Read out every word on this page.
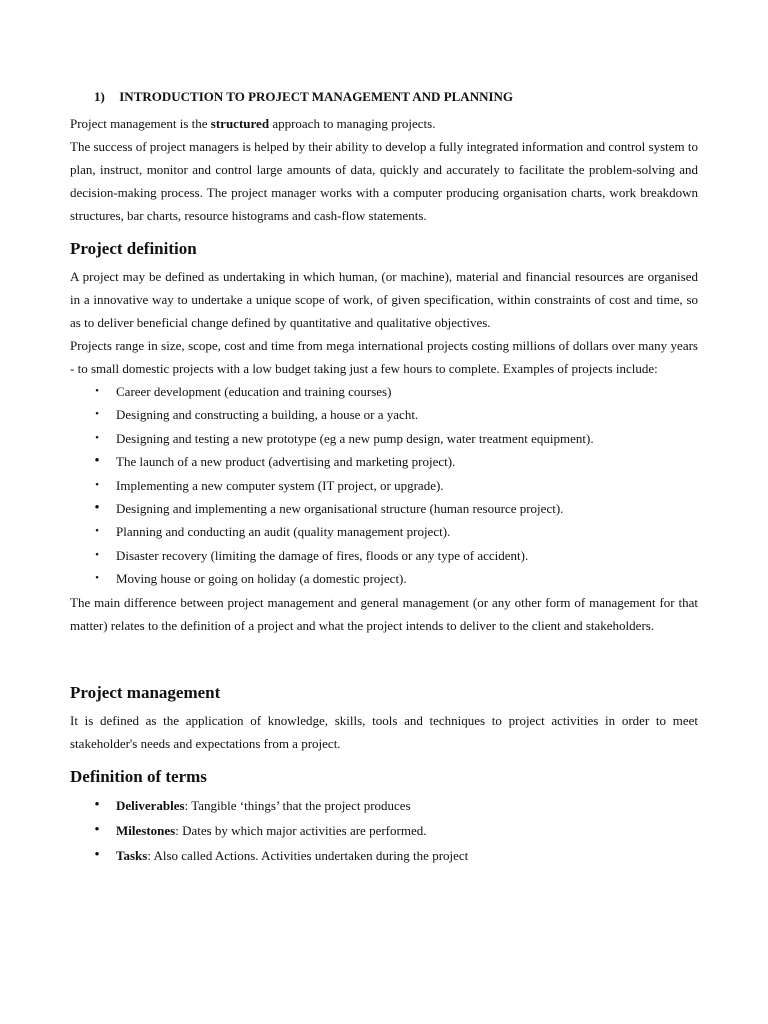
1) INTRODUCTION TO PROJECT MANAGEMENT AND PLANNING

Project management is the structured approach to managing projects.

The success of project managers is helped by their ability to develop a fully integrated information and control system to plan, instruct, monitor and control large amounts of data, quickly and accurately to facilitate the problem-solving and decision-making process. The project manager works with a computer producing organisation charts, work breakdown structures, bar charts, resource histograms and cash-flow statements.

Project definition

A project may be defined as undertaking in which human, (or machine), material and financial resources are organised in a innovative way to undertake a unique scope of work, of given specification, within constraints of cost and time, so as to deliver beneficial change defined by quantitative and qualitative objectives.

Projects range in size, scope, cost and time from mega international projects costing millions of dollars over many years - to small domestic projects with a low budget taking just a few hours to complete. Examples of projects include:

• Career development (education and training courses)
• Designing and constructing a building, a house or a yacht.
• Designing and testing a new prototype (eg a new pump design, water treatment equipment).
• The launch of a new product (advertising and marketing project).
• Implementing a new computer system (IT project, or upgrade).
• Designing and implementing a new organisational structure (human resource project).
• Planning and conducting an audit (quality management project).
• Disaster recovery (limiting the damage of fires, floods or any type of accident).
• Moving house or going on holiday (a domestic project).

The main difference between project management and general management (or any other form of management for that matter) relates to the definition of a project and what the project intends to deliver to the client and stakeholders.

Project management

It is defined as the application of knowledge, skills, tools and techniques to project activities in order to meet stakeholder's needs and expectations from a project.

Definition of terms
• Deliverables: Tangible ‘things’ that the project produces
• Milestones: Dates by which major activities are performed.
• Tasks: Also called Actions. Activities undertaken during the project
